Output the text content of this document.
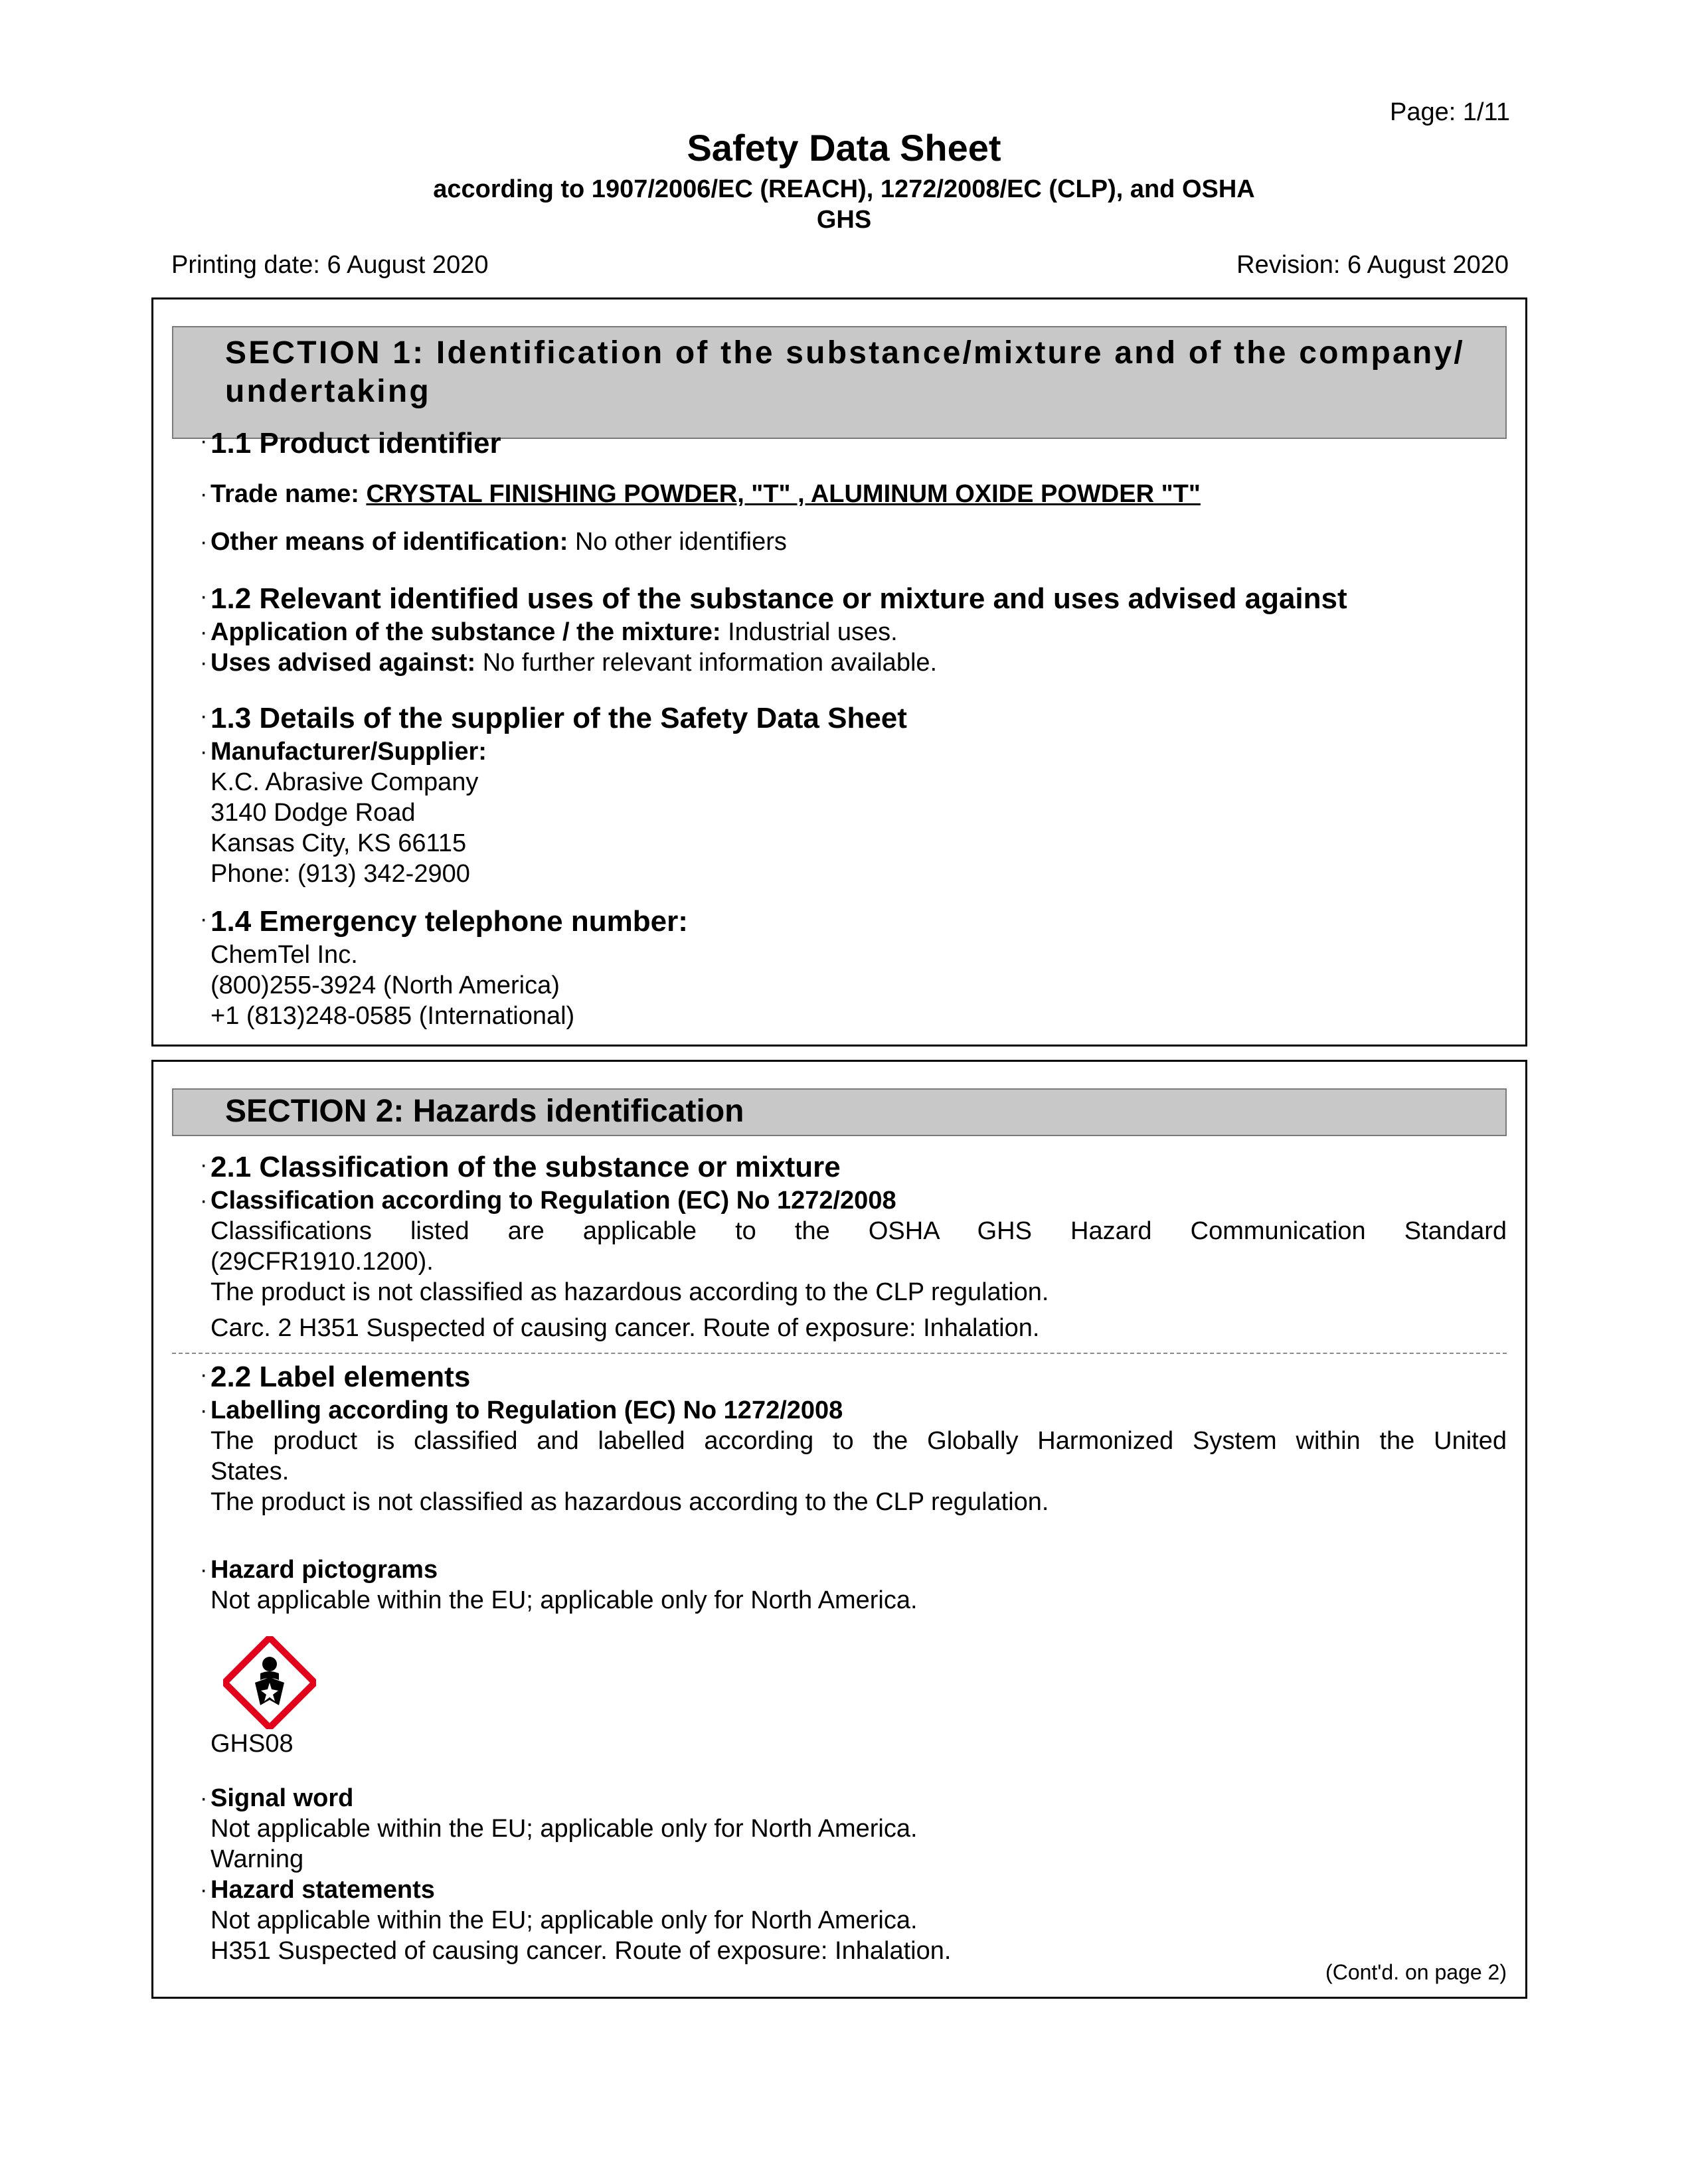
Page: 1/11
Safety Data Sheet
according to 1907/2006/EC (REACH), 1272/2008/EC (CLP), and OSHA
GHS
Printing date: 6 August 2020	Revision: 6 August 2020
SECTION 1: Identification of the substance/mixture and of the company/
undertaking
· 1.1 Product identifier
· Trade name: CRYSTAL FINISHING POWDER, "T" , ALUMINUM OXIDE POWDER "T"
· Other means of identification: No other identifiers
· 1.2 Relevant identified uses of the substance or mixture and uses advised against
· Application of the substance / the mixture: Industrial uses.
· Uses advised against: No further relevant information available.
· 1.3 Details of the supplier of the Safety Data Sheet
· Manufacturer/Supplier:
K.C. Abrasive Company
3140 Dodge Road
Kansas City, KS 66115
Phone: (913) 342-2900
· 1.4 Emergency telephone number:
ChemTel Inc.
(800)255-3924 (North America)
+1 (813)248-0585 (International)
SECTION 2: Hazards identification
· 2.1 Classification of the substance or mixture
· Classification according to Regulation (EC) No 1272/2008
Classifications listed are applicable to the OSHA GHS Hazard Communication Standard
(29CFR1910.1200).
The product is not classified as hazardous according to the CLP regulation.
Carc. 2 H351 Suspected of causing cancer. Route of exposure: Inhalation.
· 2.2 Label elements
· Labelling according to Regulation (EC) No 1272/2008
The product is classified and labelled according to the Globally Harmonized System within the United
States.
The product is not classified as hazardous according to the CLP regulation.
· Hazard pictograms
Not applicable within the EU; applicable only for North America.
GHS08
· Signal word
Not applicable within the EU; applicable only for North America.
Warning
· Hazard statements
Not applicable within the EU; applicable only for North America.
H351 Suspected of causing cancer. Route of exposure: Inhalation.
(Cont'd. on page 2)
